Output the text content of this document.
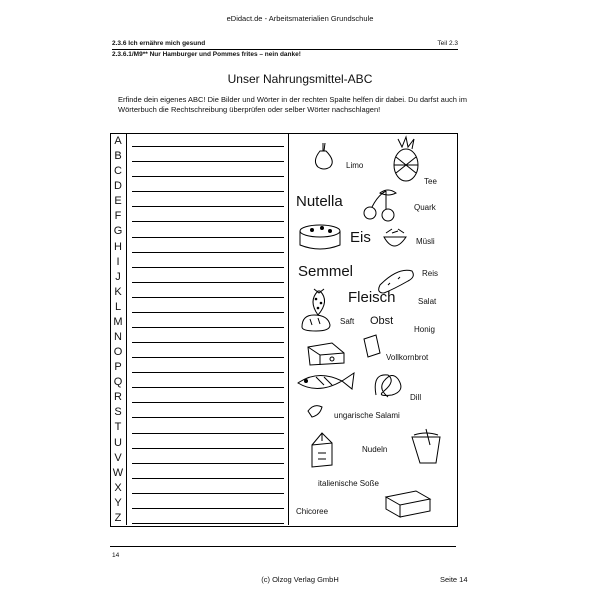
eDidact.de - Arbeitsmaterialien Grundschule
2.3.6 Ich ernähre mich gesund	Teil 2.3
2.3.6.1/M9** Nur Hamburger und Pommes frites – nein danke!
Unser Nahrungsmittel-ABC
Erfinde dein eigenes ABC! Die Bilder und Wörter in der rechten Spalte helfen dir dabei. Du darfst auch im Wörterbuch die Rechtschreibung überprüfen oder selber Wörter nachschlagen!
A
B
C
D
E
F
G
H
I
J
K
L
M
N
O
P
Q
R
S
T
U
V
W
X
Y
Z
Limo
Tee
Nutella	Quark
Eis	Müsli
Semmel	Reis
Fleisch	Salat
Saft Obst
Honig
Vollkornbrot
Dill
ungarische Salami
Nudeln
italienische Soße
Chicoree
14
(c) Olzog Verlag GmbH	Seite 14
